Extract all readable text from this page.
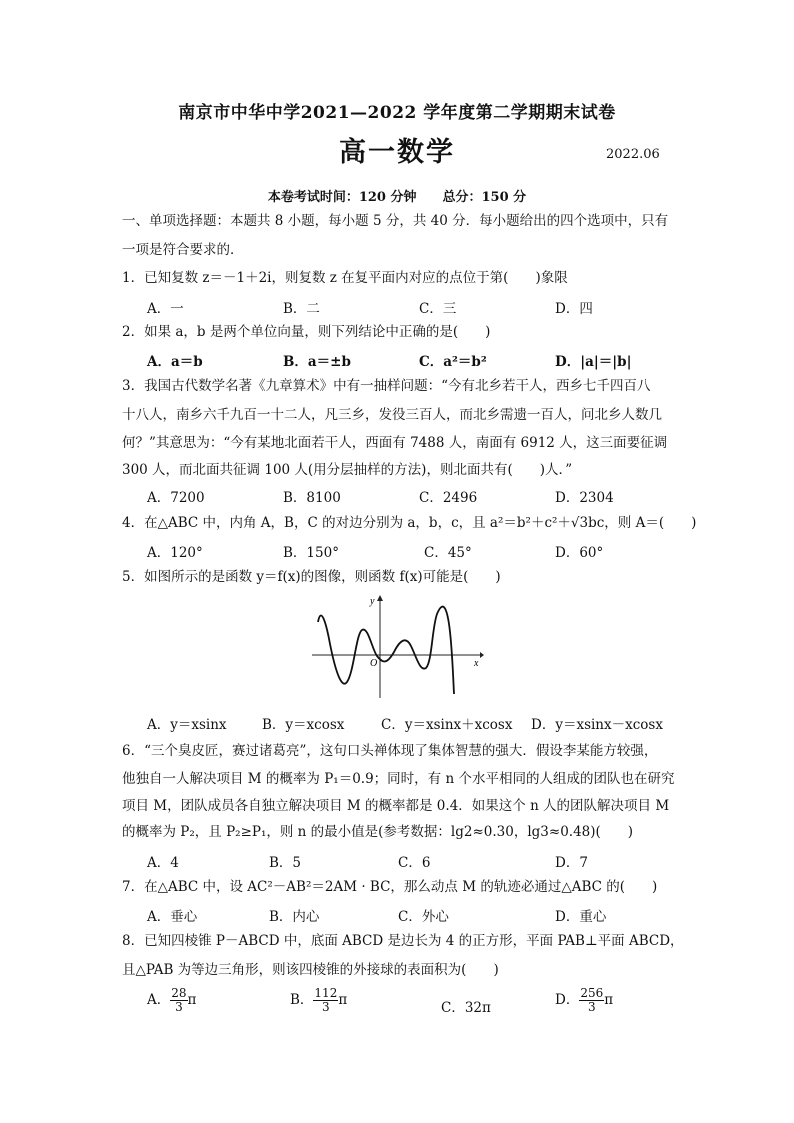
南京市中华中学2021—2022 学年度第二学期期末试卷
高一数学	2022.06
本卷考试时间：120 分钟　　总分：150 分
一、单项选择题：本题共 8 小题，每小题 5 分，共 40 分．每小题给出的四个选项中，只有
一项是符合要求的．
1．已知复数 z＝－1＋2i，则复数 z 在复平面内对应的点位于第(　　)象限
A．一	B．二	C．三	D．四
2．如果 a，b 是两个单位向量，则下列结论中正确的是(　　)
A．a＝b	B．a＝±b	C．a²＝b²	D．|a|＝|b|
3．我国古代数学名著《九章算术》中有一抽样问题：“今有北乡若干人，西乡七千四百八
十八人，南乡六千九百一十二人，凡三乡，发役三百人，而北乡需遗一百人，问北乡人数几
何？”其意思为：“今有某地北面若干人，西面有 7488 人，南面有 6912 人，这三面要征调
300 人，而北面共征调 100 人(用分层抽样的方法)，则北面共有(　　)人．”
A．7200	B．8100	C．2496	D．2304
4．在△ABC 中，内角 A，B，C 的对边分别为 a，b，c，且 a²＝b²＋c²＋√3bc，则 A＝(　　)
A．120°	B．150°	C．45°	D．60°
5．如图所示的是函数 y＝f(x)的图像，则函数 f(x)可能是(　　)
y
x
O
A．y＝xsinx	B．y＝xcosx	C．y＝xsinx＋xcosx D．y＝xsinx－xcosx
6．“三个臭皮匠，赛过诸葛亮”，这句口头禅体现了集体智慧的强大．假设李某能方较强，
他独自一人解决项目 M 的概率为 P₁＝0.9；同时，有 n 个水平相同的人组成的团队也在研究
项目 M，团队成员各自独立解决项目 M 的概率都是 0.4．如果这个 n 人的团队解决项目 M
的概率为 P₂，且 P₂≥P₁，则 n 的最小值是(参考数据：lg2≈0.30，lg3≈0.48)(　　)
A．4	B．5	C．6	D．7
7．在△ABC 中，设 AC²－AB²＝2AM · BC，那么动点 M 的轨迹必通过△ABC 的(　　)
A．垂心	B．内心	C．外心	D．重心
8．已知四棱锥 P－ABCD 中，底面 ABCD 是边长为 4 的正方形，平面 PAB⊥平面 ABCD，
且△PAB 为等边三角形，则该四棱锥的外接球的表面积为(　　)
A． $\frac{28}{3}$ π	B． $\frac{112}{3}$ π	C．32π	D． $\frac{256}{3}$ π
